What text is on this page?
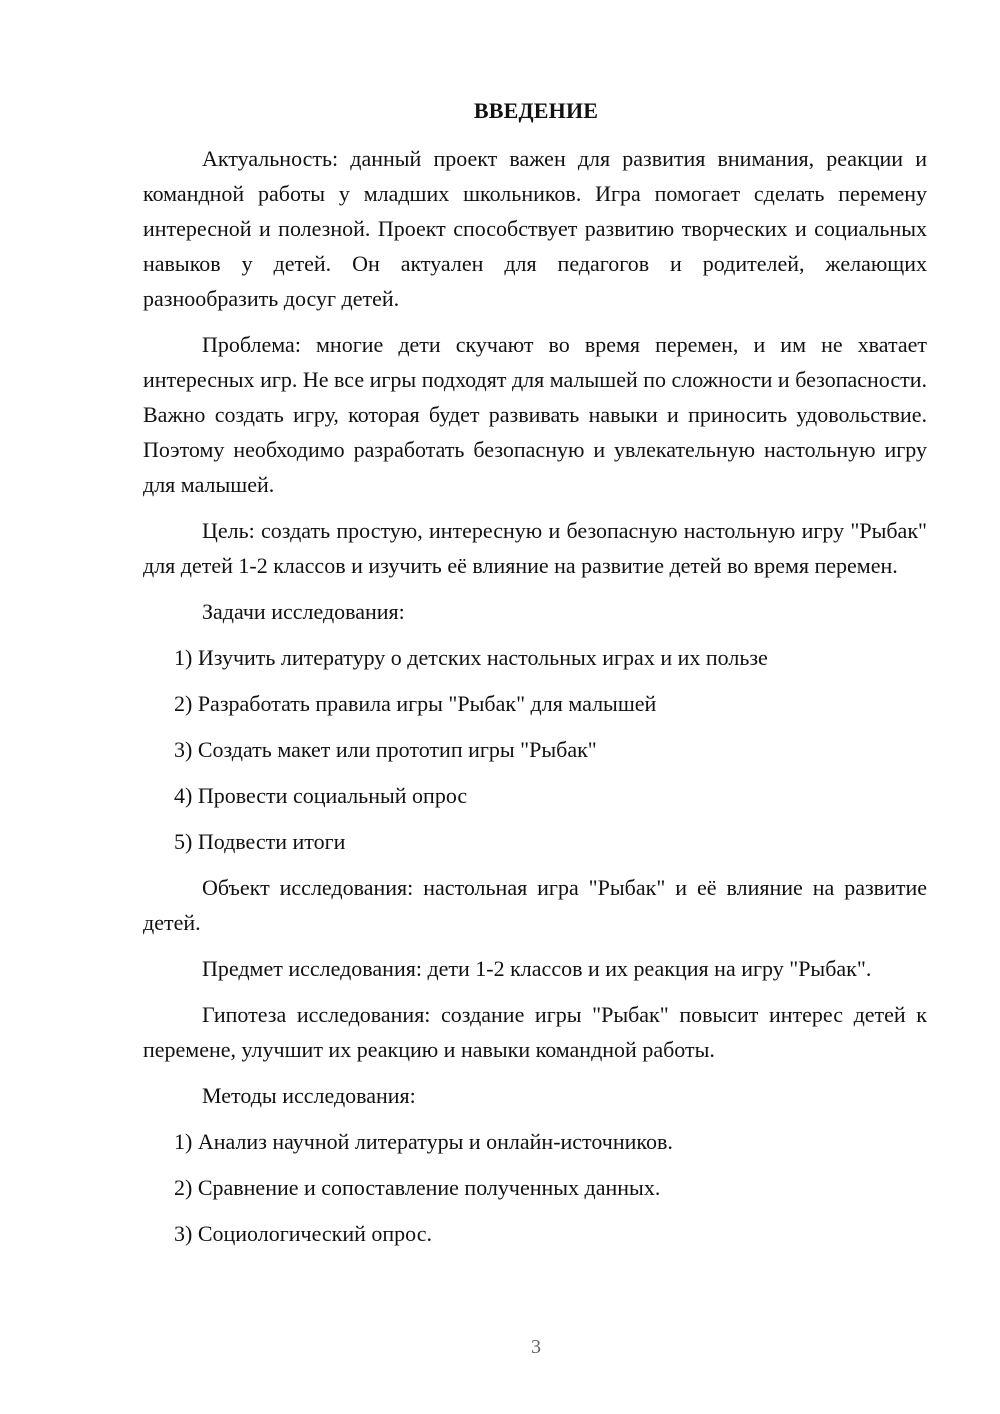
ВВЕДЕНИЕ

Актуальность: данный проект важен для развития внимания, реакции и командной работы у младших школьников. Игра помогает сделать перемену интересной и полезной. Проект способствует развитию творческих и социальных навыков у детей. Он актуален для педагогов и родителей, желающих разнообразить досуг детей.

Проблема: многие дети скучают во время перемен, и им не хватает интересных игр. Не все игры подходят для малышей по сложности и безопасности. Важно создать игру, которая будет развивать навыки и приносить удовольствие. Поэтому необходимо разработать безопасную и увлекательную настольную игру для малышей.

Цель: создать простую, интересную и безопасную настольную игру "Рыбак" для детей 1-2 классов и изучить её влияние на развитие детей во время перемен.

Задачи исследования:

1) Изучить литературу о детских настольных играх и их пользе

2) Разработать правила игры "Рыбак" для малышей

3) Создать макет или прототип игры "Рыбак"

4) Провести социальный опрос

5) Подвести итоги

Объект исследования: настольная игра "Рыбак" и её влияние на развитие детей.

Предмет исследования: дети 1-2 классов и их реакция на игру "Рыбак".

Гипотеза исследования: создание игры "Рыбак" повысит интерес детей к перемене, улучшит их реакцию и навыки командной работы.

Методы исследования:

1) Анализ научной литературы и онлайн-источников.

2) Сравнение и сопоставление полученных данных.

3) Социологический опрос.

3
